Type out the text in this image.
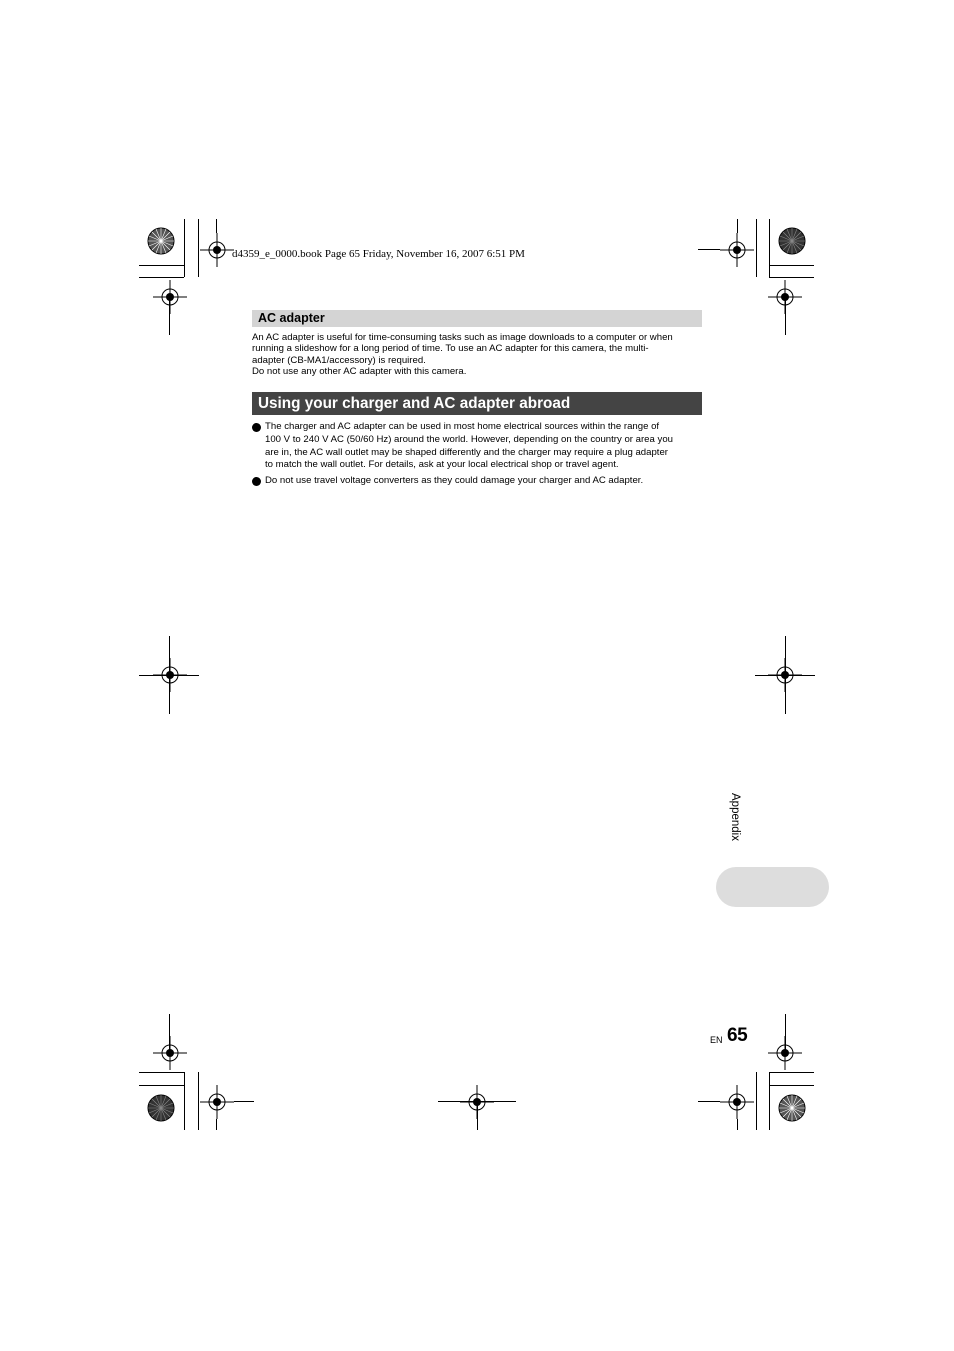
d4359_e_0000.book Page 65 Friday, November 16, 2007 6:51 PM
AC adapter
An AC adapter is useful for time-consuming tasks such as image downloads to a computer or when
running a slideshow for a long period of time. To use an AC adapter for this camera, the multi-
adapter (CB-MA1/accessory) is required.
Do not use any other AC adapter with this camera.
Using your charger and AC adapter abroad
The charger and AC adapter can be used in most home electrical sources within the range of
100 V to 240 V AC (50/60 Hz) around the world. However, depending on the country or area you
are in, the AC wall outlet may be shaped differently and the charger may require a plug adapter
to match the wall outlet. For details, ask at your local electrical shop or travel agent.
Do not use travel voltage converters as they could damage your charger and AC adapter.
Appendix
EN 65
